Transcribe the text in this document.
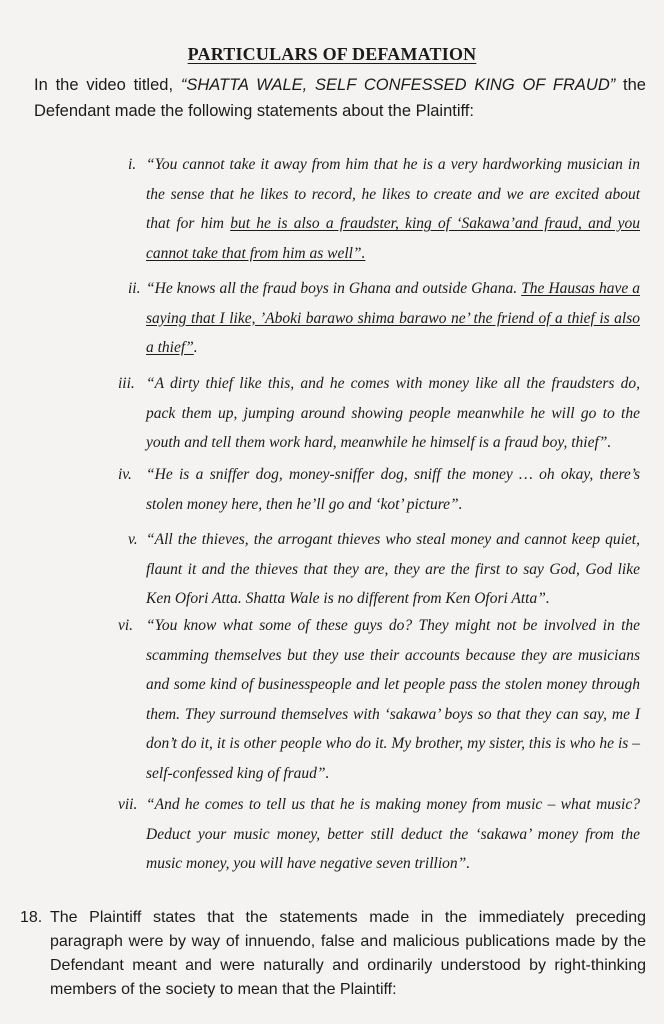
PARTICULARS OF DEFAMATION
In the video titled, “SHATTA WALE, SELF CONFESSED KING OF FRAUD” the Defendant made the following statements about the Plaintiff:
i. “You cannot take it away from him that he is a very hardworking musician in the sense that he likes to record, he likes to create and we are excited about that for him but he is also a fraudster, king of ‘Sakawa’and fraud, and you cannot take that from him as well”.
ii. “He knows all the fraud boys in Ghana and outside Ghana. The Hausas have a saying that I like, ’Aboki barawo shima barawo ne’ the friend of a thief is also a thief”.
iii. “A dirty thief like this, and he comes with money like all the fraudsters do, pack them up, jumping around showing people meanwhile he will go to the youth and tell them work hard, meanwhile he himself is a fraud boy, thief”.
iv. “He is a sniffer dog, money-sniffer dog, sniff the money … oh okay, there’s stolen money here, then he’ll go and ‘kot’ picture”.
v. “All the thieves, the arrogant thieves who steal money and cannot keep quiet, flaunt it and the thieves that they are, they are the first to say God, God like Ken Ofori Atta. Shatta Wale is no different from Ken Ofori Atta”.
vi. “You know what some of these guys do? They might not be involved in the scamming themselves but they use their accounts because they are musicians and some kind of businesspeople and let people pass the stolen money through them. They surround themselves with ‘sakawa’ boys so that they can say, me I don’t do it, it is other people who do it. My brother, my sister, this is who he is – self-confessed king of fraud”.
vii. “And he comes to tell us that he is making money from music – what music? Deduct your music money, better still deduct the ‘sakawa’ money from the music money, you will have negative seven trillion”.
18. The Plaintiff states that the statements made in the immediately preceding paragraph were by way of innuendo, false and malicious publications made by the Defendant meant and were naturally and ordinarily understood by right-thinking members of the society to mean that the Plaintiff:
